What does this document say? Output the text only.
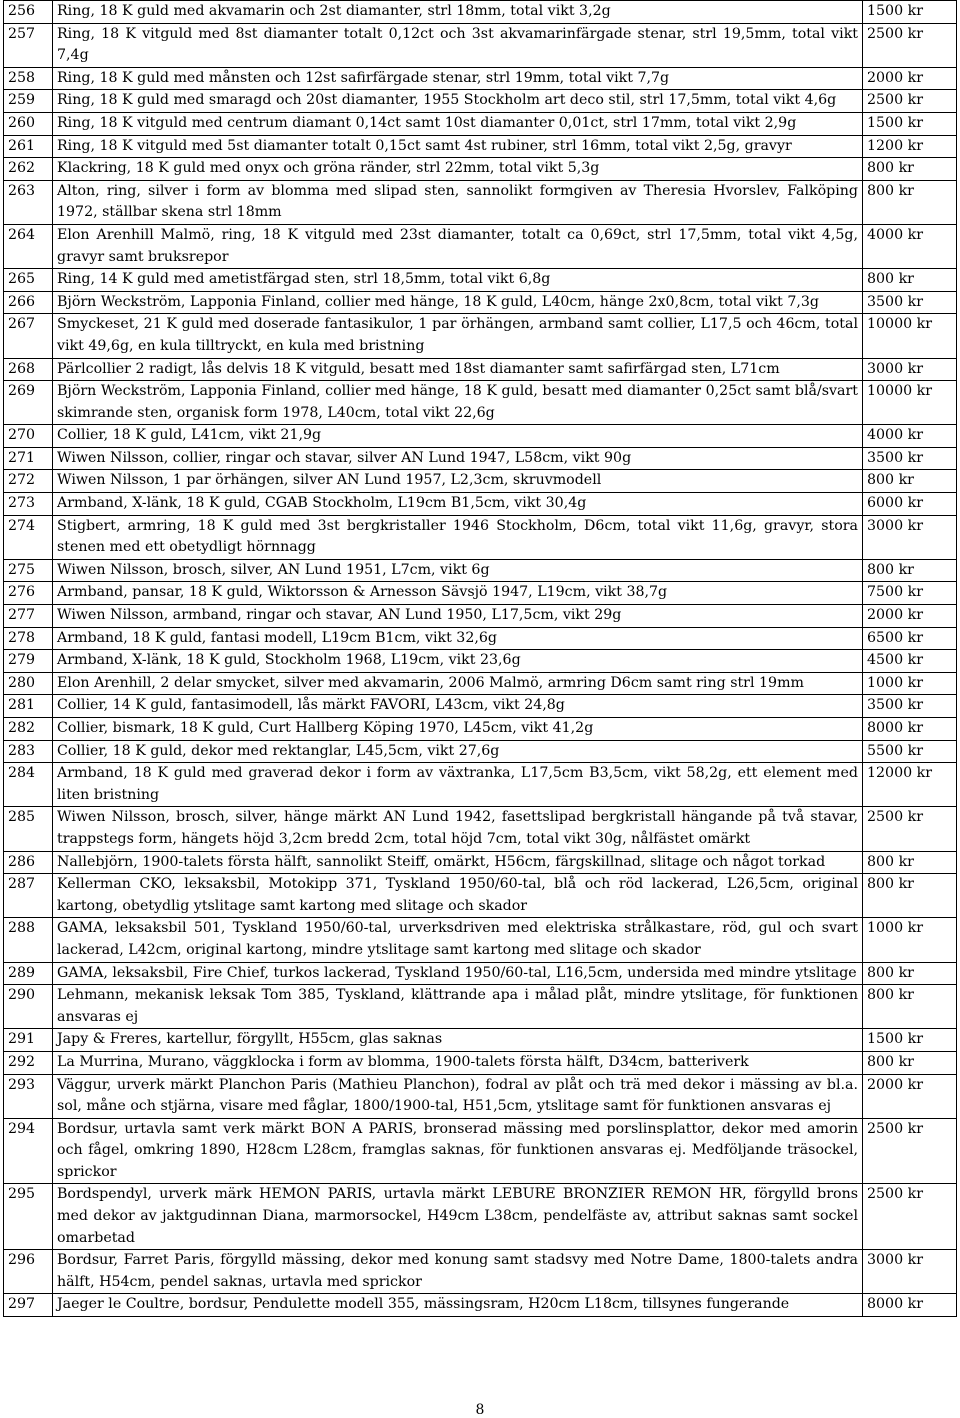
256	Ring, 18 K guld med akvamarin och 2st diamanter, strl 18mm, total vikt 3,2g	1500 kr
257	Ring, 18 K vitguld med 8st diamanter totalt 0,12ct och 3st akvamarinfärgade stenar, strl 19,5mm, total vikt 7,4g	2500 kr
258	Ring, 18 K guld med månsten och 12st safirfärgade stenar, strl 19mm, total vikt 7,7g	2000 kr
259	Ring, 18 K guld med smaragd och 20st diamanter, 1955 Stockholm art deco stil, strl 17,5mm, total vikt 4,6g	2500 kr
260	Ring, 18 K vitguld med centrum diamant 0,14ct samt 10st diamanter 0,01ct, strl 17mm, total vikt 2,9g	1500 kr
261	Ring, 18 K vitguld med 5st diamanter totalt 0,15ct samt 4st rubiner, strl 16mm, total vikt 2,5g, gravyr	1200 kr
262	Klackring, 18 K guld med onyx och gröna ränder, strl 22mm, total vikt 5,3g	800 kr
263	Alton, ring, silver i form av blomma med slipad sten, sannolikt formgiven av Theresia Hvorslev, Falköping 1972, ställbar skena strl 18mm	800 kr
264	Elon Arenhill Malmö, ring, 18 K vitguld med 23st diamanter, totalt ca 0,69ct, strl 17,5mm, total vikt 4,5g, gravyr samt bruksrepor	4000 kr
265	Ring, 14 K guld med ametistfärgad sten, strl 18,5mm, total vikt 6,8g	800 kr
266	Björn Weckström, Lapponia Finland, collier med hänge, 18 K guld, L40cm, hänge 2x0,8cm, total vikt 7,3g	3500 kr
267	Smyckeset, 21 K guld med doserade fantasikulor, 1 par örhängen, armband samt collier, L17,5 och 46cm, total vikt 49,6g, en kula tilltryckt, en kula med bristning	10000 kr
268	Pärlcollier 2 radigt, lås delvis 18 K vitguld, besatt med 18st diamanter samt safirfärgad sten, L71cm	3000 kr
269	Björn Weckström, Lapponia Finland, collier med hänge, 18 K guld, besatt med diamanter 0,25ct samt blå/svart skimrande sten, organisk form 1978, L40cm, total vikt 22,6g	10000 kr
270	Collier, 18 K guld, L41cm, vikt 21,9g	4000 kr
271	Wiwen Nilsson, collier, ringar och stavar, silver AN Lund 1947, L58cm, vikt 90g	3500 kr
272	Wiwen Nilsson, 1 par örhängen, silver AN Lund 1957, L2,3cm, skruvmodell	800 kr
273	Armband, X-länk, 18 K guld, CGAB Stockholm, L19cm B1,5cm, vikt 30,4g	6000 kr
274	Stigbert, armring, 18 K guld med 3st bergkristaller 1946 Stockholm, D6cm, total vikt 11,6g, gravyr, stora stenen med ett obetydligt hörnnagg	3000 kr
275	Wiwen Nilsson, brosch, silver, AN Lund 1951, L7cm, vikt 6g	800 kr
276	Armband, pansar, 18 K guld, Wiktorsson & Arnesson Sävsjö 1947, L19cm, vikt 38,7g	7500 kr
277	Wiwen Nilsson, armband, ringar och stavar, AN Lund 1950, L17,5cm, vikt 29g	2000 kr
278	Armband, 18 K guld, fantasi modell, L19cm B1cm, vikt 32,6g	6500 kr
279	Armband, X-länk, 18 K guld, Stockholm 1968, L19cm, vikt 23,6g	4500 kr
280	Elon Arenhill, 2 delar smycket, silver med akvamarin, 2006 Malmö, armring D6cm samt ring strl 19mm	1000 kr
281	Collier, 14 K guld, fantasimodell, lås märkt FAVORI, L43cm, vikt 24,8g	3500 kr
282	Collier, bismark, 18 K guld, Curt Hallberg Köping 1970, L45cm, vikt 41,2g	8000 kr
283	Collier, 18 K guld, dekor med rektanglar, L45,5cm, vikt 27,6g	5500 kr
284	Armband, 18 K guld med graverad dekor i form av växtranka, L17,5cm B3,5cm, vikt 58,2g, ett element med liten bristning	12000 kr
285	Wiwen Nilsson, brosch, silver, hänge märkt AN Lund 1942, fasettslipad bergkristall hängande på två stavar, trappstegs form, hängets höjd 3,2cm bredd 2cm, total höjd 7cm, total vikt 30g, nålfästet omärkt	2500 kr
286	Nallebjörn, 1900-talets första hälft, sannolikt Steiff, omärkt, H56cm, färgskillnad, slitage och något torkad	800 kr
287	Kellerman CKO, leksaksbil, Motokipp 371, Tyskland 1950/60-tal, blå och röd lackerad, L26,5cm, original kartong, obetydlig ytslitage samt kartong med slitage och skador	800 kr
288	GAMA, leksaksbil 501, Tyskland 1950/60-tal, urverksdriven med elektriska strålkastare, röd, gul och svart lackerad, L42cm, original kartong, mindre ytslitage samt kartong med slitage och skador	1000 kr
289	GAMA, leksaksbil, Fire Chief, turkos lackerad, Tyskland 1950/60-tal, L16,5cm, undersida med mindre ytslitage	800 kr
290	Lehmann, mekanisk leksak Tom 385, Tyskland, klättrande apa i målad plåt, mindre ytslitage, för funktionen ansvaras ej	800 kr
291	Japy & Freres, kartellur, förgyllt, H55cm, glas saknas	1500 kr
292	La Murrina, Murano, väggklocka i form av blomma, 1900-talets första hälft, D34cm, batteriverk	800 kr
293	Väggur, urverk märkt Planchon Paris (Mathieu Planchon), fodral av plåt och trä med dekor i mässing av bl.a. sol, måne och stjärna, visare med fåglar, 1800/1900-tal, H51,5cm, ytslitage samt för funktionen ansvaras ej	2000 kr
294	Bordsur, urtavla samt verk märkt BON A PARIS, bronserad mässing med porslinsplattor, dekor med amorin och fågel, omkring 1890, H28cm L28cm, framglas saknas, för funktionen ansvaras ej. Medföljande träsockel, sprickor	2500 kr
295	Bordspendyl, urverk märk HEMON PARIS, urtavla märkt LEBURE BRONZIER REMON HR, förgylld brons med dekor av jaktgudinnan Diana, marmorsockel, H49cm L38cm, pendelfäste av, attribut saknas samt sockel omarbetad	2500 kr
296	Bordsur, Farret Paris, förgylld mässing, dekor med konung samt stadsvy med Notre Dame, 1800-talets andra hälft, H54cm, pendel saknas, urtavla med sprickor	3000 kr
297	Jaeger le Coultre, bordsur, Pendulette modell 355, mässingsram, H20cm L18cm, tillsynes fungerande	8000 kr
8
